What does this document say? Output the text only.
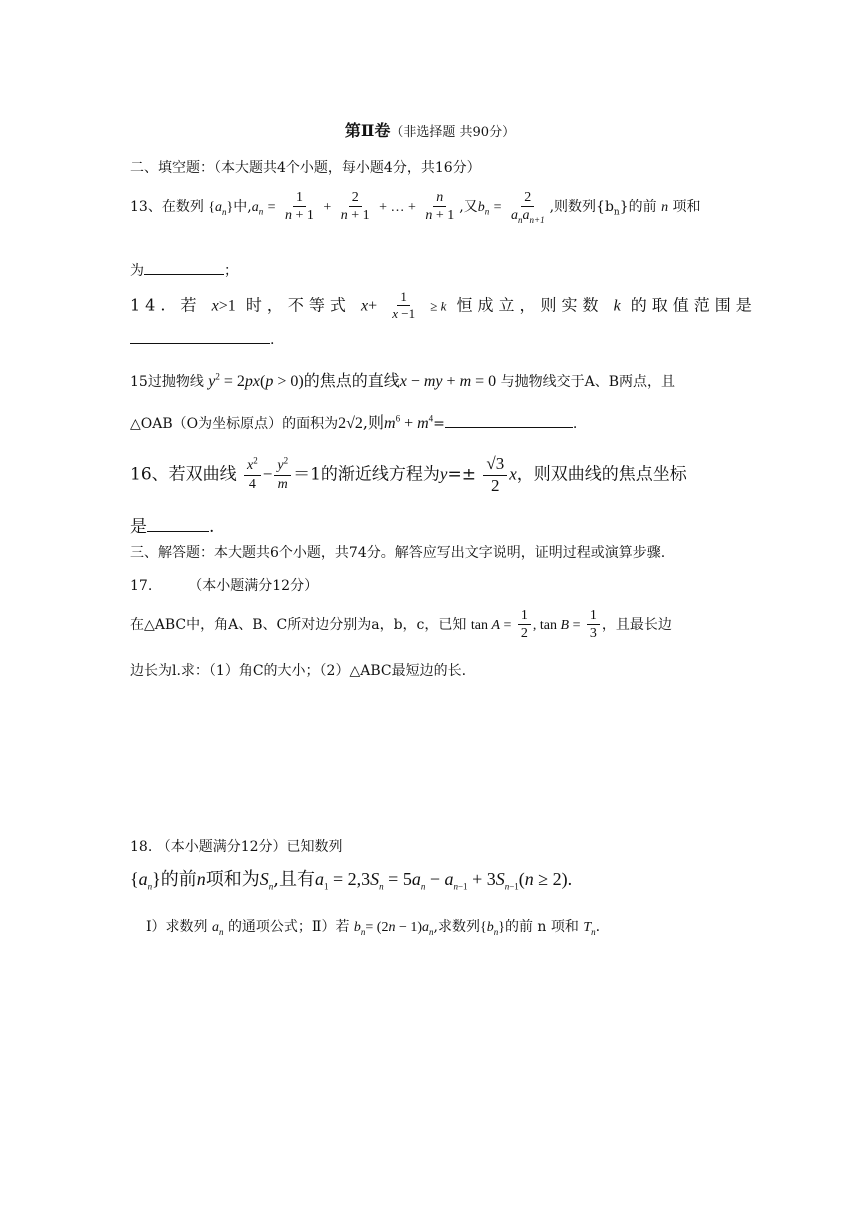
第Ⅱ卷（非选择题 共90分）
二、填空题：（本大题共4个小题，每小题4分，共16分）
13、在数列 $\{a_n\}$中$,a_n = \frac{1}{n + 1} + \frac{2}{n + 1}$ + … + $\frac{n}{n + 1}$ ,又$b_n = \frac{2}{a_na_{n+1}}$ ,则数列$\{b_n\}$的前 n 项和
为	；
14. 若 x>1 时，不等式 $x+ \frac{1}{x -1} \ge k$ 恒成立，则实数 k 的取值范围是
.
15过抛物线 $y^2 = 2px(p > 0)$的焦点的直线x − my + m = 0 与抛物线交于A、B两点，且
△OAB（O为坐标原点）的面积为2√2,则$m^6 + m^4=$	.
16、若双曲线 $\frac{x^2}{4} - \frac{y^2}{m} =1$的渐近线方程为$y=\pm \frac{√3}{2}$ x，则双曲线的焦点坐标
是	.
三、解答题：本大题共6个小题，共74分。解答应写出文字说明，证明过程或演算步骤.
17.	（本小题满分12分）
在△ABC中，角A、B、C所对边分别为a，b，c，已知 $\tan A = \frac{1}{2}$ , $\tan B = \frac{1}{3}$ ，且最长边
边长为l.求：（1）角C的大小；（2）△ABC最短边的长.
18. （本小题满分12分）已知数列
$\{a_n\}$的前n项和为$S_n$,且有$a_1 = 2,3S_n = 5a_n - a_{n-1} + 3S_{n-1}(n \ge 2)$.
Ⅰ）求数列 $a_n$ 的通项公式；Ⅱ）若 $b_n= (2n - 1)a_n$,求数列$\{b_n\}$的前 n 项和 $T_n$.
